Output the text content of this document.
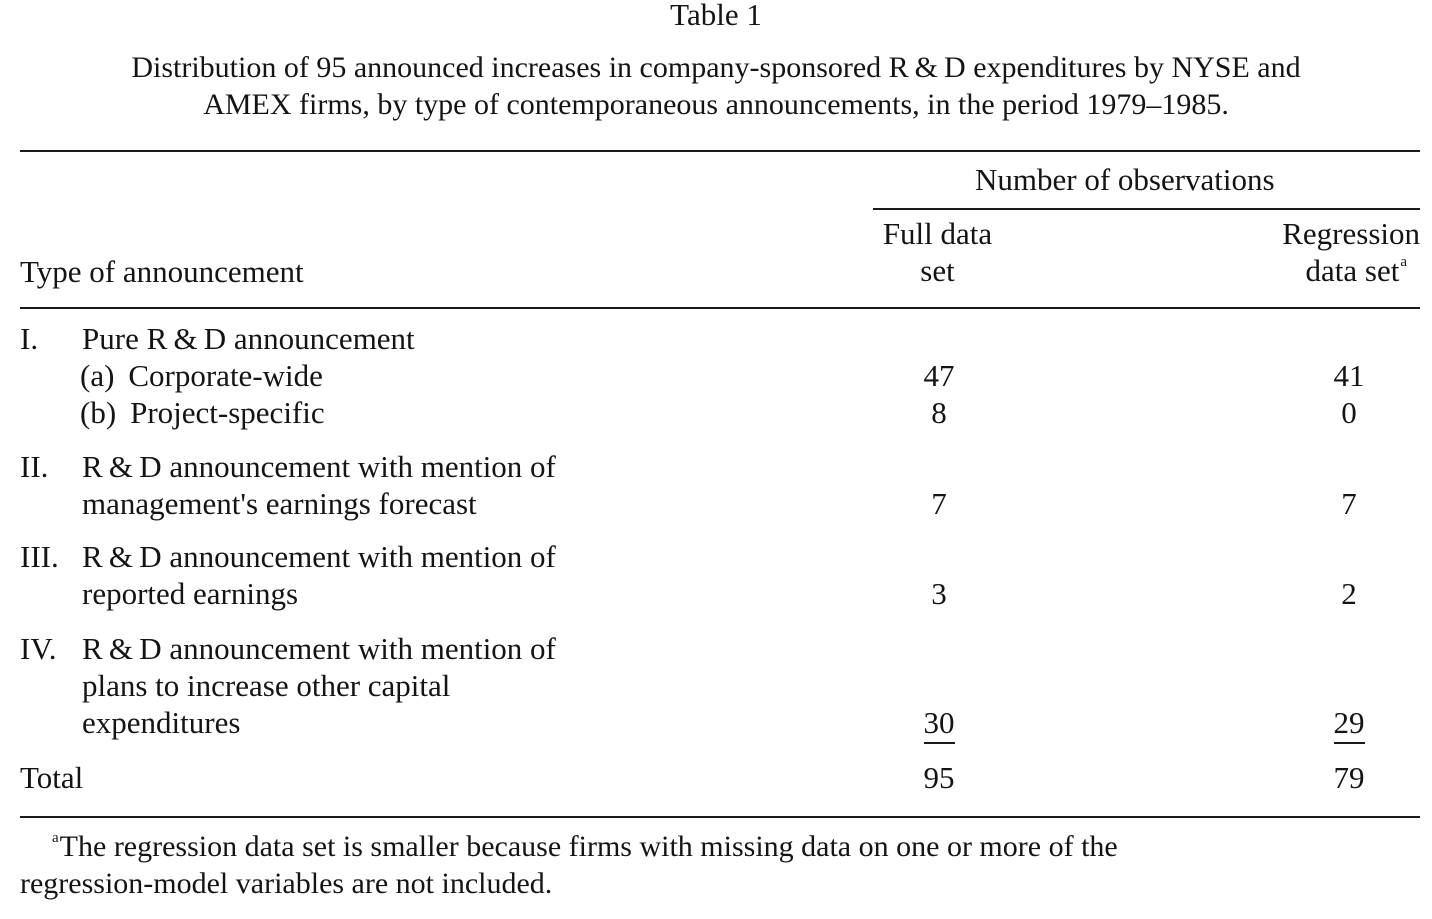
Table 1
Distribution of 95 announced increases in company-sponsored R & D expenditures by NYSE and
AMEX firms, by type of contemporaneous announcements, in the period 1979–1985.
Number of observations
Full data
set
Regression
data set$^a$
Type of announcement
I. Pure R & D announcement
(a)  Corporate-wide	47	41
(b)  Project-specific	8	0
II. R & D announcement with mention of
management's earnings forecast	7	7
III. R & D announcement with mention of
reported earnings	3	2
IV. R & D announcement with mention of
plans to increase other capital
expenditures	30	29
Total	95	79
$^a$The regression data set is smaller because firms with missing data on one or more of the
regression-model variables are not included.
